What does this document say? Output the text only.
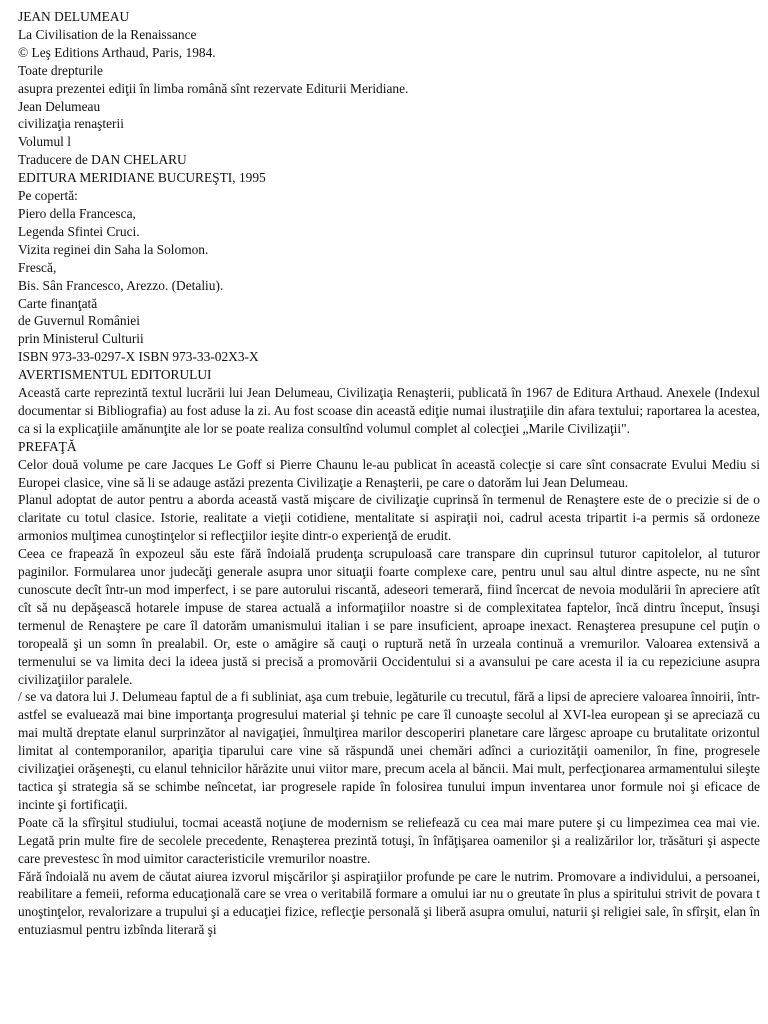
JEAN DELUMEAU
La Civilisation de la Renaissance
© Leş Editions Arthaud, Paris, 1984.
Toate drepturile
asupra prezentei ediţii în limba română sînt rezervate Editurii Meridiane.
Jean Delumeau
civilizaţia renaşterii
Volumul l
Traducere de DAN CHELARU
EDITURA MERIDIANE BUCUREŞTI, 1995
Pe copertă:
Piero della Francesca,
Legenda Sfintei Cruci.
Vizita reginei din Saha la Solomon.
Frescă,
Bis. Sân Francesco, Arezzo. (Detaliu).
Carte finanţată
de Guvernul României
prin Ministerul Culturii
ISBN 973-33-0297-X ISBN 973-33-02X3-X
AVERTISMENTUL EDITORULUI
Această carte reprezintă textul lucrării lui Jean Delumeau, Civilizaţia Renaşterii, publicată în 1967 de Editura Arthaud. Anexele (Indexul documentar si Bibliografia) au fost aduse la zi. Au fost scoase din această ediţie numai ilustraţiile din afara textului; raportarea la acestea, ca si la explicaţiile amănunţite ale lor se poate realiza consultînd volumul complet al colecţiei „Marile Civilizaţii".
PREFAŢĂ
Celor două volume pe care Jacques Le Goff si Pierre Chaunu le-au publicat în această colecţie si care sînt consacrate Evului Mediu si Europei clasice, vine să li se adauge astăzi prezenta Civilizaţie a Renaşterii, pe care o datorăm lui Jean Delumeau.
Planul adoptat de autor pentru a aborda această vastă mişcare de civilizaţie cuprinsă în termenul de Renaştere este de o precizie si de o claritate cu totul clasice. Istorie, realitate a vieţii cotidiene, mentalitate si aspiraţii noi, cadrul acesta tripartit i-a permis să ordoneze armonios mulţimea cunoştinţelor si reflecţiilor ieşite dintr-o experienţă de erudit.
Ceea ce frapează în expozeul său este fără îndoială prudenţa scrupuloasă care transpare din cuprinsul tuturor capitolelor, al tuturor paginilor. Formularea unor judecăţi generale asupra unor situaţii foarte complexe care, pentru unul sau altul dintre aspecte, nu ne sînt cunoscute decît într-un mod imperfect, i se pare autorului riscantă, adeseori temerară, fiind încercat de nevoia modulării în apreciere atît cît să nu depăşească hotarele impuse de starea actuală a informaţiilor noastre si de complexitatea faptelor, încă dintru început, însuşi termenul de Renaştere pe care îl datorăm umanismului italian i se pare insuficient, aproape inexact. Renaşterea presupune cel puţin o toropeală şi un somn în prealabil. Or, este o amăgire să cauţi o ruptură netă în urzeala continuă a vremurilor. Valoarea extensivă a termenului se va limita deci la ideea justă si precisă a promovării Occidentului si a avansului pe care acesta il ia cu repeziciune asupra civilizaţiilor paralele.
/ se va datora lui J. Delumeau faptul de a fi subliniat, aşa cum trebuie, legăturile cu trecutul, fără a lipsi de apreciere valoarea înnoirii, într-astfel se evaluează mai bine importanţa progresului material şi tehnic pe care îl cunoaşte secolul al XVI-lea european şi se apreciază cu mai multă dreptate elanul surprinzător al navigaţiei, înmulţirea marilor descoperiri planetare care lărgesc aproape cu brutalitate orizontul limitat al contemporanilor, apariţia tiparului care vine să răspundă unei chemări adînci a curiozităţii oamenilor, în fine, progresele civilizaţiei orăşeneşti, cu elanul tehnicilor hărăzite unui viitor mare, precum acela al băncii. Mai mult, perfecţionarea armamentului sileşte tactica şi strategia să se schimbe neîncetat, iar progresele rapide în folosirea tunului impun inventarea unor formule noi şi eficace de incinte şi fortificaţii.
Poate că la sfîrşitul studiului, tocmai această noţiune de modernism se reliefează cu cea mai mare putere şi cu limpezimea cea mai vie. Legată prin multe fire de secolele precedente, Renaşterea prezintă totuşi, în înfăţişarea oamenilor şi a realizărilor lor, trăsături şi aspecte care prevestesc în mod uimitor caracteristicile vremurilor noastre.
Fără îndoială nu avem de căutat aiurea izvorul mişcărilor şi aspiraţiilor profunde pe care le nutrim. Promovare a individului, a persoanei, reabilitare a femeii, reforma educaţională care se vrea o veritabilă formare a omului iar nu o greutate în plus a spiritului strivit de povara t unoştinţelor, revalorizare a trupului şi a educaţiei fizice, reflecţie personală şi liberă asupra omului, naturii şi religiei sale, în sfîrşit, elan în entuziasmul pentru izbînda literară şi
